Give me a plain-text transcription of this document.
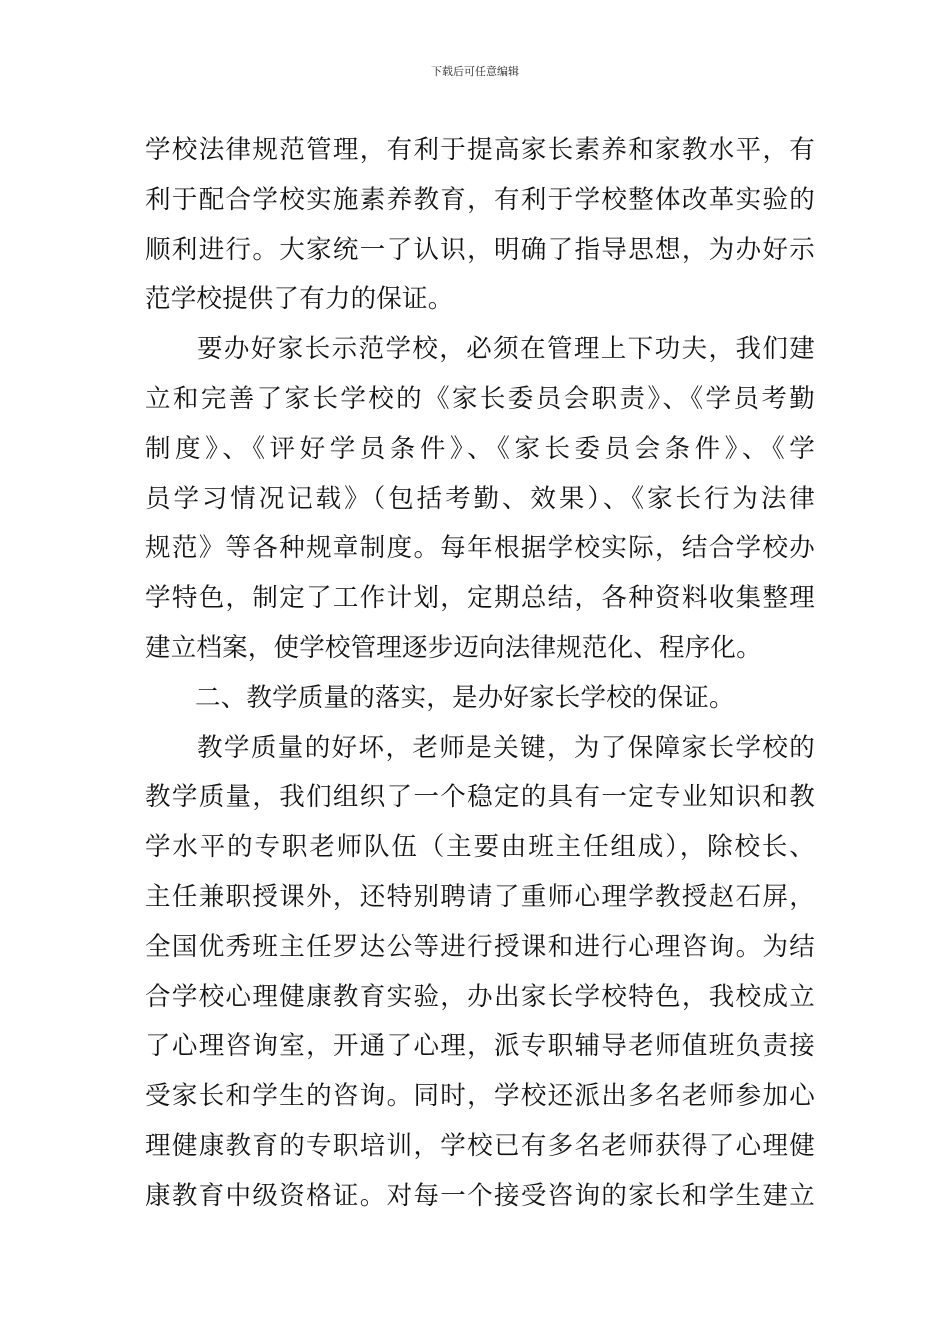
下载后可任意编辑
学校法律规范管理，有利于提高家长素养和家教水平，有
利于配合学校实施素养教育，有利于学校整体改革实验的
顺利进行。大家统一了认识，明确了指导思想，为办好示
范学校提供了有力的保证。
要办好家长示范学校，必须在管理上下功夫，我们建
立和完善了家长学校的《家长委员会职责》、《学员考勤
制度》、《评好学员条件》、《家长委员会条件》、《学
员学习情况记载》（包括考勤、效果）、《家长行为法律
规范》等各种规章制度。每年根据学校实际，结合学校办
学特色，制定了工作计划，定期总结，各种资料收集整理
建立档案，使学校管理逐步迈向法律规范化、程序化。
二、教学质量的落实，是办好家长学校的保证。
教学质量的好坏，老师是关键，为了保障家长学校的
教学质量，我们组织了一个稳定的具有一定专业知识和教
学水平的专职老师队伍（主要由班主任组成），除校长、
主任兼职授课外，还特别聘请了重师心理学教授赵石屏，
全国优秀班主任罗达公等进行授课和进行心理咨询。为结
合学校心理健康教育实验，办出家长学校特色，我校成立
了心理咨询室，开通了心理，派专职辅导老师值班负责接
受家长和学生的咨询。同时，学校还派出多名老师参加心
理健康教育的专职培训，学校已有多名老师获得了心理健
康教育中级资格证。对每一个接受咨询的家长和学生建立
